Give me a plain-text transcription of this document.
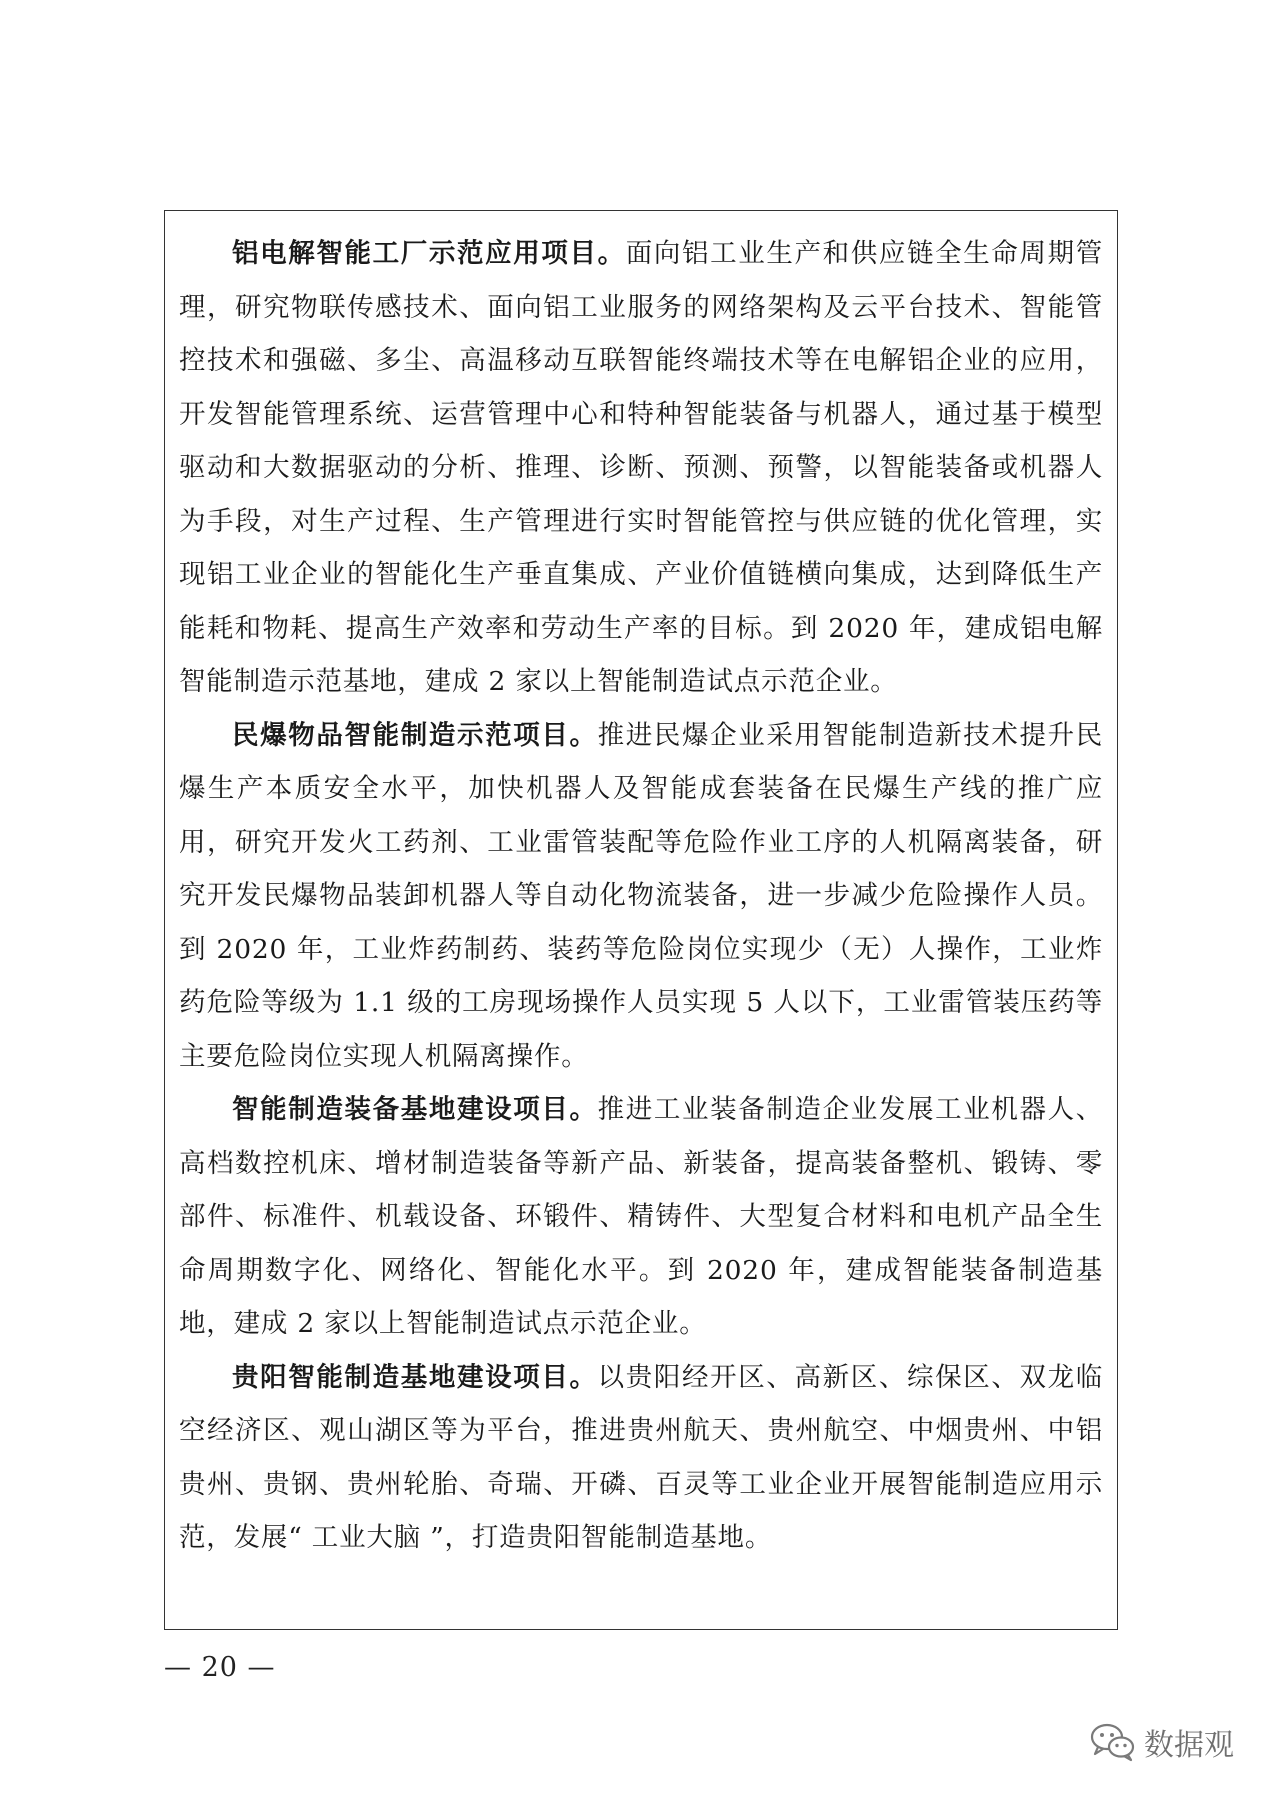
铝电解智能工厂示范应用项目。面向铝工业生产和供应链全生命周期管理，研究物联传感技术、面向铝工业服务的网络架构及云平台技术、智能管控技术和强磁、多尘、高温移动互联智能终端技术等在电解铝企业的应用，开发智能管理系统、运营管理中心和特种智能装备与机器人，通过基于模型驱动和大数据驱动的分析、推理、诊断、预测、预警，以智能装备或机器人为手段，对生产过程、生产管理进行实时智能管控与供应链的优化管理，实现铝工业企业的智能化生产垂直集成、产业价值链横向集成，达到降低生产能耗和物耗、提高生产效率和劳动生产率的目标。到 2020 年，建成铝电解智能制造示范基地，建成 2 家以上智能制造试点示范企业。

民爆物品智能制造示范项目。推进民爆企业采用智能制造新技术提升民爆生产本质安全水平，加快机器人及智能成套装备在民爆生产线的推广应用，研究开发火工药剂、工业雷管装配等危险作业工序的人机隔离装备，研究开发民爆物品装卸机器人等自动化物流装备，进一步减少危险操作人员。到 2020 年，工业炸药制药、装药等危险岗位实现少（无）人操作，工业炸药危险等级为 1.1 级的工房现场操作人员实现 5 人以下，工业雷管装压药等主要危险岗位实现人机隔离操作。

智能制造装备基地建设项目。推进工业装备制造企业发展工业机器人、高档数控机床、增材制造装备等新产品、新装备，提高装备整机、锻铸、零部件、标准件、机载设备、环锻件、精铸件、大型复合材料和电机产品全生命周期数字化、网络化、智能化水平。到 2020 年，建成智能装备制造基地，建成 2 家以上智能制造试点示范企业。

贵阳智能制造基地建设项目。以贵阳经开区、高新区、综保区、双龙临空经济区、观山湖区等为平台，推进贵州航天、贵州航空、中烟贵州、中铝贵州、贵钢、贵州轮胎、奇瑞、开磷、百灵等工业企业开展智能制造应用示范，发展“ 工业大脑 ”，打造贵阳智能制造基地。

— 20 —
数据观
